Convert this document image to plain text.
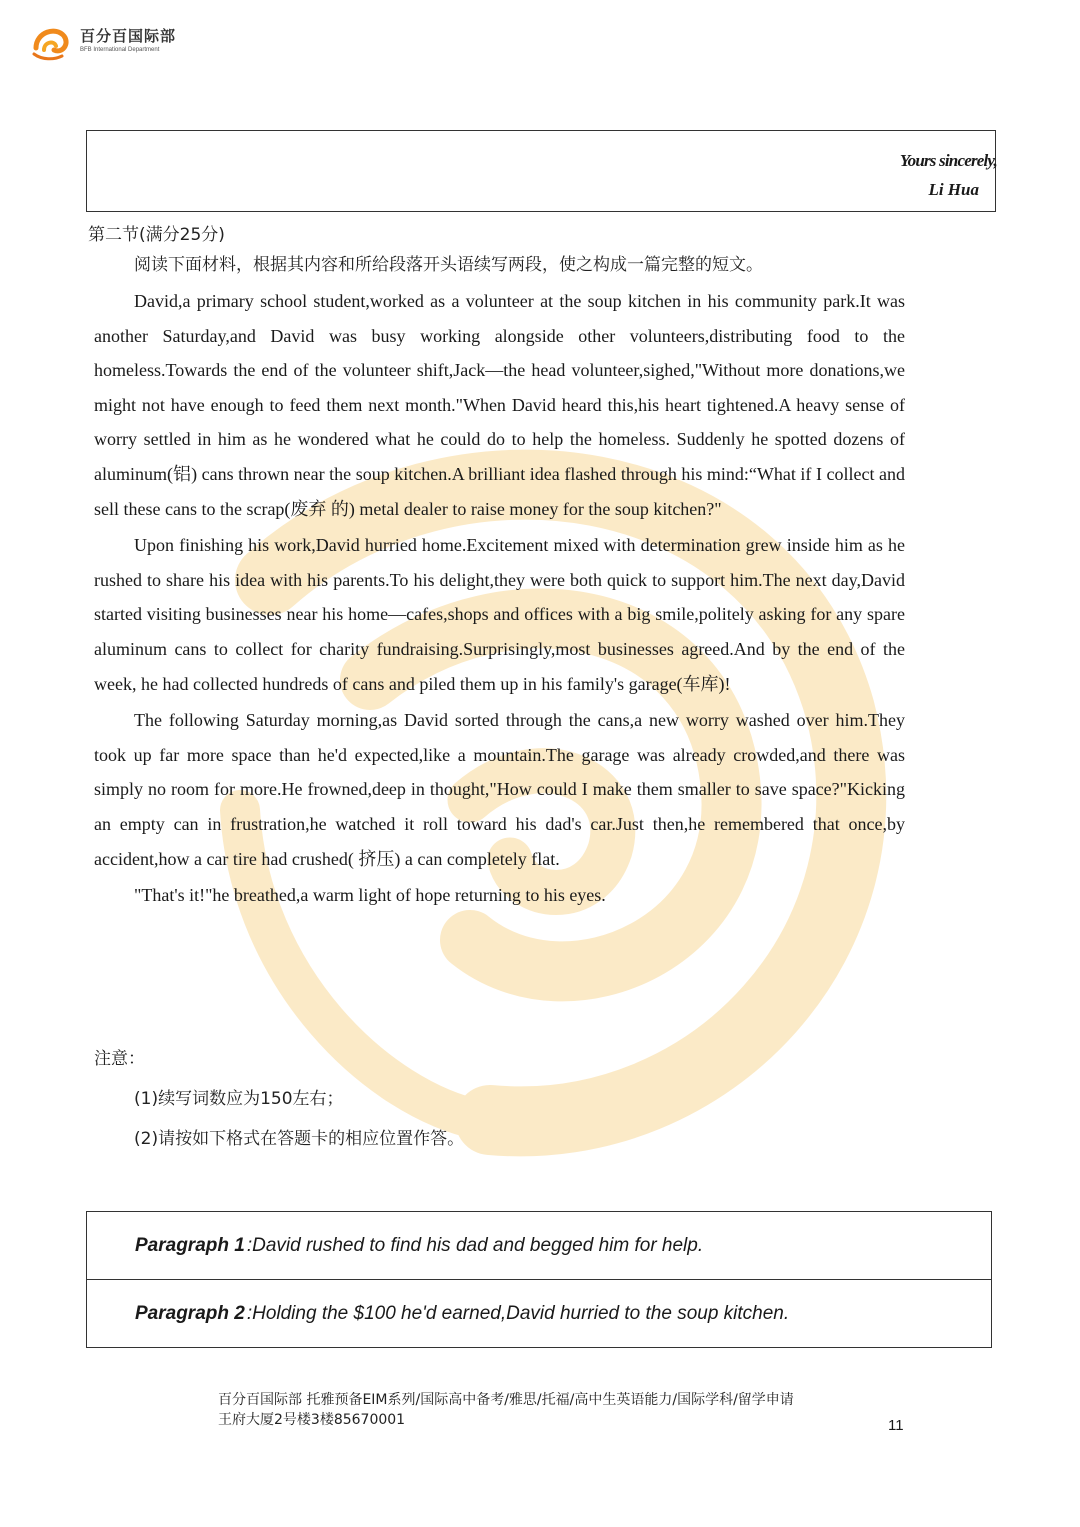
百分百国际部
BFB International Department
Yours sincerely,
Li Hua
第二节(满分25分)
阅读下面材料，根据其内容和所给段落开头语续写两段，使之构成一篇完整的短文。

David,a primary school student,worked as a volunteer at the soup kitchen in his community park.It was another Saturday,and David was busy working alongside other volunteers,distributing food to the homeless.Towards the end of the volunteer shift,Jack—the head volunteer,sighed,"Without more donations,we might not have enough to feed them next month."When David heard this,his heart tightened.A heavy sense of worry settled in him as he wondered what he could do to help the homeless. Suddenly he spotted dozens of aluminum(铝) cans thrown near the soup kitchen.A brilliant idea flashed through his mind:“What if I collect and sell these cans to the scrap(废弃 的) metal dealer to raise money for the soup kitchen?"

Upon finishing his work,David hurried home.Excitement mixed with determination grew inside him as he rushed to share his idea with his parents.To his delight,they were both quick to support him.The next day,David started visiting businesses near his home—cafes,shops and offices with a big smile,politely asking for any spare aluminum cans to collect for charity fundraising.Surprisingly,most businesses agreed.And by the end of the week, he had collected hundreds of cans and piled them up in his family's garage(车库)!

The following Saturday morning,as David sorted through the cans,a new worry washed over him.They took up far more space than he'd expected,like a mountain.The garage was already crowded,and there was simply no room for more.He frowned,deep in thought,"How could I make them smaller to save space?"Kicking an empty can in frustration,he watched it roll toward his dad's car.Just then,he remembered that once,by accident,how a car tire had crushed( 挤压) a can completely flat.

"That's it!"he breathed,a warm light of hope returning to his eyes.

注意：
(1)续写词数应为150左右；
(2)请按如下格式在答题卡的相应位置作答。
Paragraph 1 :David rushed to find his dad and begged him for help.
Paragraph 2 :Holding the $100 he'd earned,David hurried to the soup kitchen.
百分百国际部 托雅预备EIM系列/国际高中备考/雅思/托福/高中生英语能力/国际学科/留学申请
王府大厦2号楼3楼85670001	11
